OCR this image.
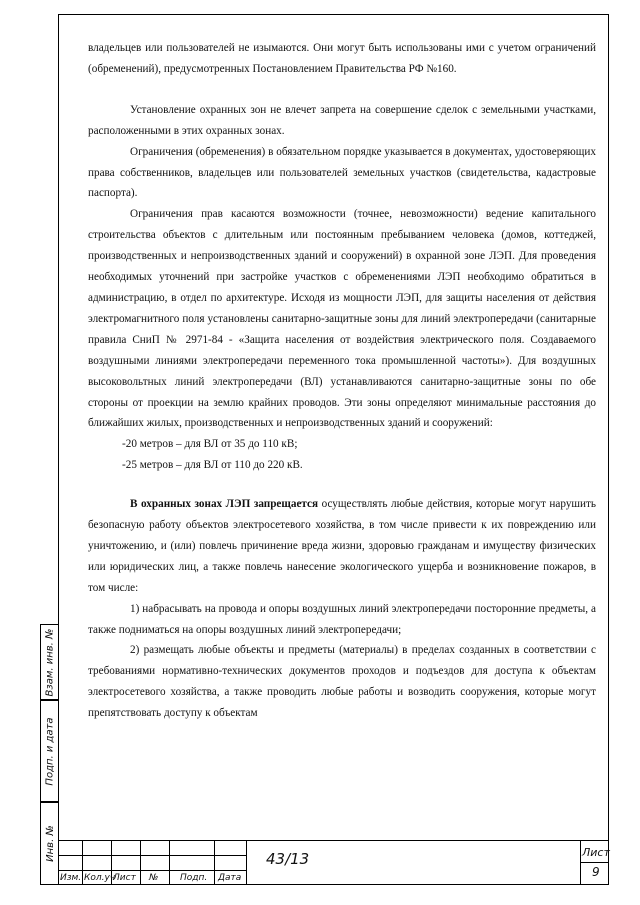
Взам. инв. №
Подп. и дата
Инв. №

владельцев или пользователей не изымаются. Они могут быть использованы ими с учетом ограничений (обременений), предусмотренных Постановлением Правительства РФ №160.

Установление охранных зон не влечет запрета на совершение сделок с земельными участками, расположенными в этих охранных зонах.

Ограничения (обременения) в обязательном порядке указывается в документах, удостоверяющих права собственников, владельцев или пользователей земельных участков (свидетельства, кадастровые паспорта).

Ограничения прав касаются возможности (точнее, невозможности) ведение капитального строительства объектов с длительным или постоянным пребыванием человека (домов, коттеджей, производственных и непроизводственных зданий и сооружений) в охранной зоне ЛЭП. Для проведения необходимых уточнений при застройке участков с обременениями ЛЭП необходимо обратиться в администрацию, в отдел по архитектуре. Исходя из мощности ЛЭП, для защиты населения от действия электромагнитного поля установлены санитарно-защитные зоны для линий электропередачи (санитарные правила СниП № 2971-84 - «Защита населения от воздействия электрического поля. Создаваемого воздушными линиями электропередачи переменного тока промышленной частоты»). Для воздушных высоковольтных линий электропередачи (ВЛ) устанавливаются санитарно-защитные зоны по обе стороны от проекции на землю крайних проводов. Эти зоны определяют минимальные расстояния до ближайших жилых, производственных и непроизводственных зданий и сооружений:

-20 метров – для ВЛ от 35 до 110 кВ;

-25 метров – для ВЛ от 110 до 220 кВ.

В охранных зонах ЛЭП запрещается осуществлять любые действия, которые могут нарушить безопасную работу объектов электросетевого хозяйства, в том числе привести к их повреждению или уничтожению, и (или) повлечь причинение вреда жизни, здоровью гражданам и имуществу физических или юридических лиц, а также повлечь нанесение экологического ущерба и возникновение пожаров, в том числе:

1) набрасывать на провода и опоры воздушных линий электропередачи посторонние предметы, а также подниматься на опоры воздушных линий электропередачи;

2) размещать любые объекты и предметы (материалы) в пределах созданных в соответствии с требованиями нормативно-технических документов проходов и подъездов для доступа к объектам электросетевого хозяйства, а также проводить любые работы и возводить сооружения, которые могут препятствовать доступу к объектам

Изм. Кол.уч
Лист № Подп. Дата
43/13	Лист
9
